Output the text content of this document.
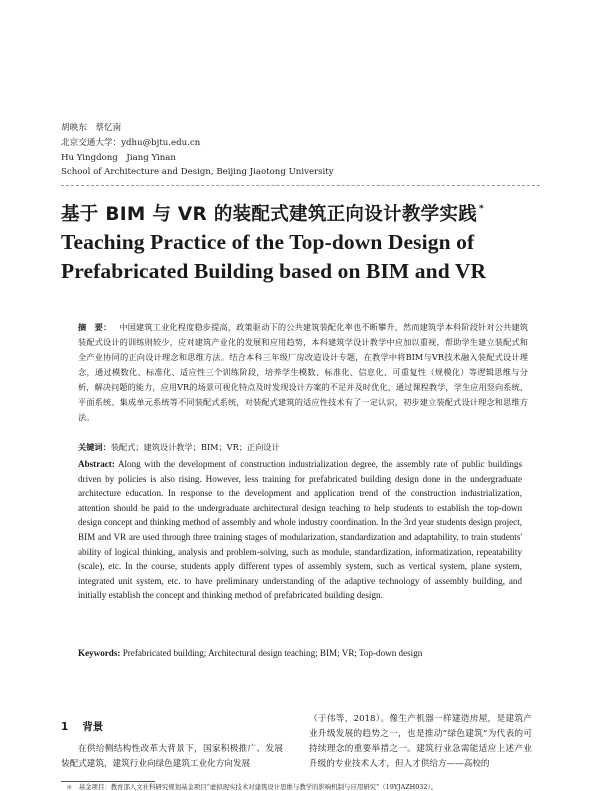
胡映东　蔡忆南
北京交通大学：ydhu@bjtu.edu.cn
Hu Yingdong　Jiang Yinan
School of Architecture and Design, Beijing Jiaotong University
基于 BIM 与 VR 的装配式建筑正向设计教学实践 *
Teaching Practice of the Top-down Design of Prefabricated Building based on BIM and VR
摘　要： 中国建筑工业化程度稳步提高，政策驱动下的公共建筑装配化率也不断攀升，然而建筑学本科阶段针对公共建筑装配式设计的训练则较少，应对建筑产业化的发展和应用趋势，本科建筑学设计教学中应加以重视，帮助学生建立装配式和全产业协同的正向设计理念和思维方法。结合本科三年级厂房改造设计专题，在教学中将BIM与VR技术融入装配式设计理念，通过模数化、标准化、适应性三个训练阶段，培养学生模数、标准化、信息化、可重复性（规模化）等逻辑思维与分析，解决问题的能力，应用VR的场景可视化特点及时发现设计方案的不足并及时优化，通过课程教学，学生应用竖向系统、平面系统、集成单元系统等不同装配式系统，对装配式建筑的适应性技术有了一定认识，初步建立装配式设计理念和思维方法。
关键词：装配式；建筑设计教学；BIM；VR；正向设计
Abstract: Along with the development of construction industrialization degree, the assembly rate of public buildings driven by policies is also rising. However, less training for prefabricated building design done in the undergraduate architecture education. In response to the development and application trend of the construction industrialization, attention should be paid to the undergraduate architectural design teaching to help students to establish the top-down design concept and thinking method of assembly and whole industry coordination. In the 3rd year students design project, BIM and VR are used through three training stages of modularization, standardization and adaptability, to train students' ability of logical thinking, analysis and problem-solving, such as module, standardization, informatization, repeatability (scale), etc. In the course, students apply different types of assembly system, such as vertical system, plane system, integrated unit system, etc. to have preliminary understanding of the adaptive technology of assembly building, and initially establish the concept and thinking method of prefabricated building design.
Keywords: Prefabricated building; Architectural design teaching; BIM; VR; Top-down design
1 背景
在供给侧结构性改革大背景下，国家积极推广、发展装配式建筑，建筑行业向绿色建筑工业化方向发展
（于伟等，2018）。像生产机器一样建造房屋，是建筑产业升级发展的趋势之一，也是推动“绿色建筑”为代表的可持续理念的重要举措之一。建筑行业急需能适应上述产业升级的专业技术人才，但人才供给方——高校的
＊　基金项目：教育部人文社科研究规划基金项目“虚拟现实技术对建筑设计思维与教学的影响机制与应用研究”（19YJAZH032）。
